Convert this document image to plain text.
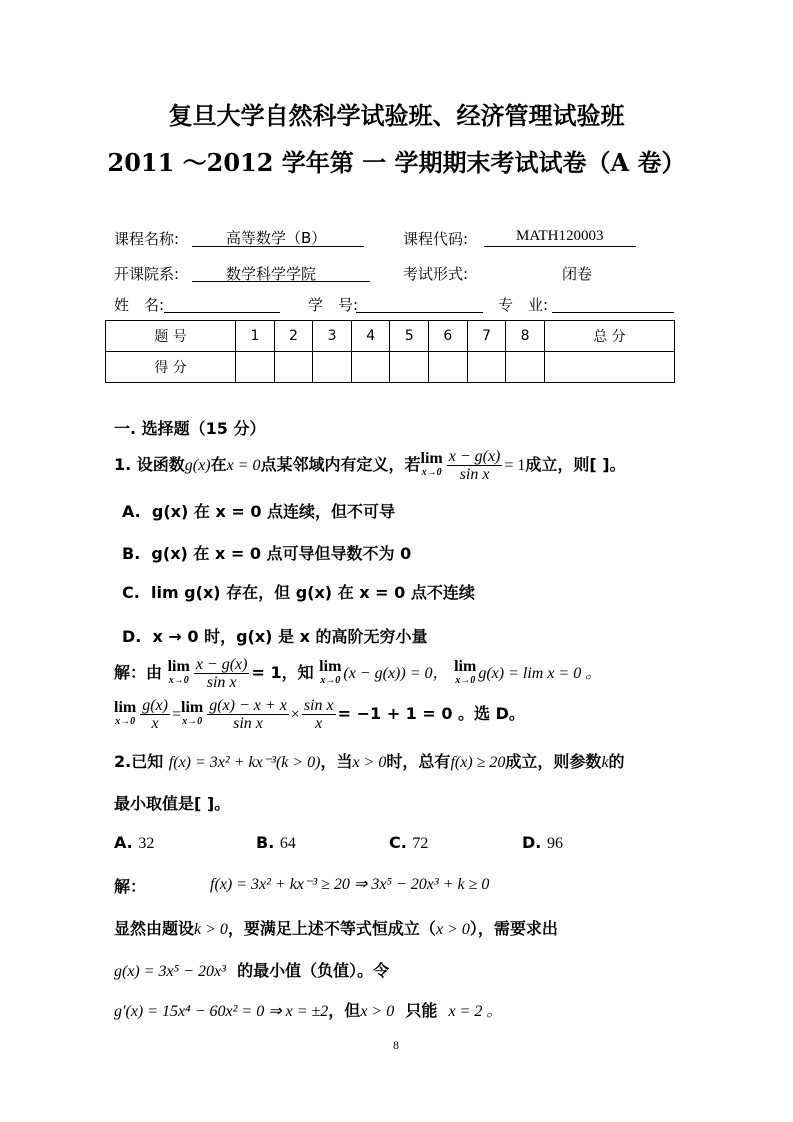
复旦大学自然科学试验班、经济管理试验班
2011 ～2012 学年第 一 学期期末考试试卷（A 卷）
课程名称:	高等数学（B）	课程代码:	MATH120003
开课院系:	数学科学学院	考试形式:	闭卷
姓　名:	学　号:	专　业:
题 号	1	2	3	4	5	6	7	8	总 分
得 分									
一. 选择题（15 分）
1. 设函数g(x)在x = 0点某邻域内有定义，若 lim
$x\to 0 \frac{x - g(x)}{\text{sin x}} = 1$成立，则[ ]。
A. g(x) 在 x = 0 点连续，但不可导
B. g(x) 在 x = 0 点可导但导数不为 0
C. lim g(x) 存在，但 g(x) 在 x = 0 点不连续
D. x → 0 时，g(x) 是 x 的高阶无穷小量
解：由 lim
$x\to 0 \frac{x - g(x)}{\text{sin x}} = 1$，知 lim
x→0 (x − g(x)) = 0， lim
x→0 g(x) = lim x = 0 。
lim
$x\to 0 \frac{g(x)}{x} = \lim$
$x\to 0 \frac{g(x) - x + x}{\text{sin x}} \times \frac{\text{sin x}}{x} = -1 + 1 = 0$ 。选 D。
2.已知 f(x) = 3x² + kx⁻³(k > 0)，当x > 0时，总有f(x) ≥ 20成立，则参数k的
最小取值是[ ]。
A. 32	B. 64	C. 72	D. 96
解：	f(x) = 3x² + kx⁻³ ≥ 20 ⇒ 3x⁵ − 20x³ + k ≥ 0
显然由题设k > 0，要满足上述不等式恒成立（x > 0），需要求出
g(x) = 3x⁵ − 20x³ 的最小值（负值）。令
g′(x) = 15x⁴ − 60x² = 0 ⇒ x = ±2，但x > 0 只能 x = 2 。
8
